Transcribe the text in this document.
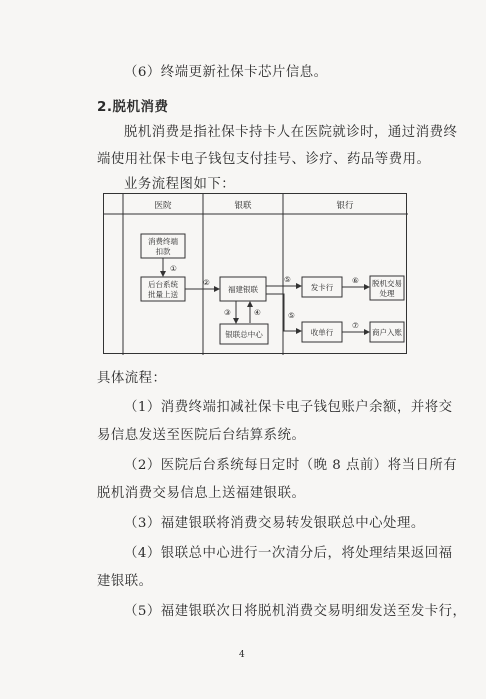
（6）终端更新社保卡芯片信息。
2.脱机消费
脱机消费是指社保卡持卡人在医院就诊时，通过消费终
端使用社保卡电子钱包支付挂号、诊疗、药品等费用。
业务流程图如下：
医院	银联	银行
消费终端
扣款
①
后台系统
批量上送
②
福建银联
③	④
银联总中心
⑤
⑤
发卡行
⑥ 脱机交易
处理
收单行
⑦
商户入账
具体流程：
（1）消费终端扣减社保卡电子钱包账户余额，并将交
易信息发送至医院后台结算系统。
（2）医院后台系统每日定时（晚 8 点前）将当日所有
脱机消费交易信息上送福建银联。
（3）福建银联将消费交易转发银联总中心处理。
（4）银联总中心进行一次清分后，将处理结果返回福
建银联。
（5）福建银联次日将脱机消费交易明细发送至发卡行，
4
